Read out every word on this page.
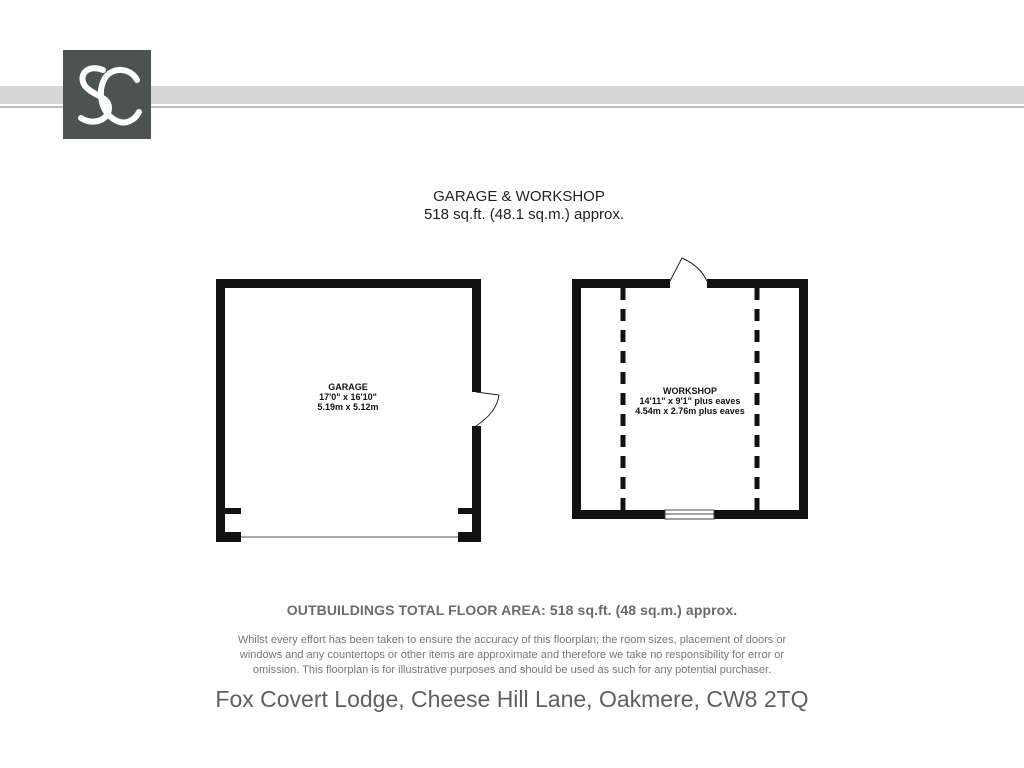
GARAGE & WORKSHOP
518 sq.ft. (48.1 sq.m.) approx.
GARAGE
17'0" x 16'10"
5.19m x 5.12m
WORKSHOP
14'11" x 9'1" plus eaves
4.54m x 2.76m plus eaves
OUTBUILDINGS TOTAL FLOOR AREA: 518 sq.ft. (48 sq.m.) approx.
Whilst every effort has been taken to ensure the accuracy of this floorplan; the room sizes, placement of doors or
windows and any countertops or other items are approximate and therefore we take no responsibility for error or
omission. This floorplan is for illustrative purposes and should be used as such for any potential purchaser.
Fox Covert Lodge, Cheese Hill Lane, Oakmere, CW8 2TQ
